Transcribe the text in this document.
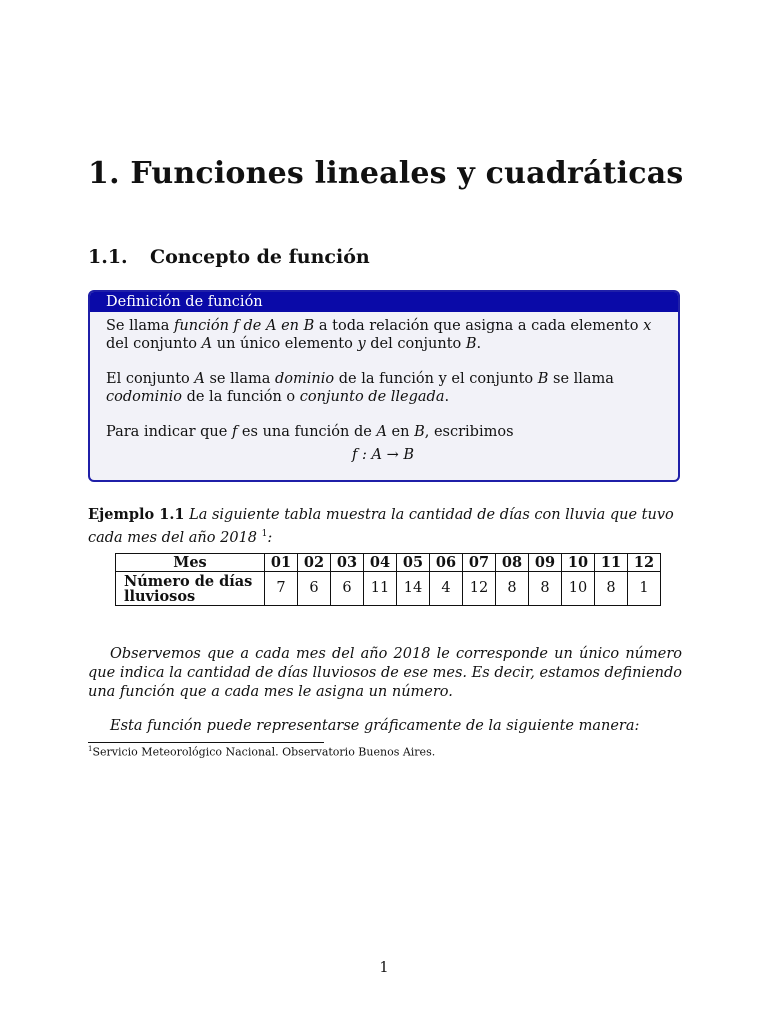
1. Funciones lineales y cuadráticas
1.1. Concepto de función
Definición de función

Se llama función f de A en B a toda relación que asigna a cada elemento x del conjunto A un único elemento y del conjunto B.

El conjunto A se llama dominio de la función y el conjunto B se llama codominio de la función o conjunto de llegada.

Para indicar que f es una función de A en B, escribimos

f : A → B

Ejemplo 1.1 La siguiente tabla muestra la cantidad de días con lluvia que tuvo cada mes del año 2018 $^1$:

Mes	01	02	03	04	05	06	07	08	09	10	11	12
Número de días
lluviosos	7	6	6	11	14	4	12	8	8	10	8	1

Observemos que a cada mes del año 2018 le corresponde un único número que indica la cantidad de días lluviosos de ese mes. Es decir, estamos definiendo una función que a cada mes le asigna un número.

Esta función puede representarse gráficamente de la siguiente manera:

$^1$Servicio Meteorológico Nacional. Observatorio Buenos Aires.

1
